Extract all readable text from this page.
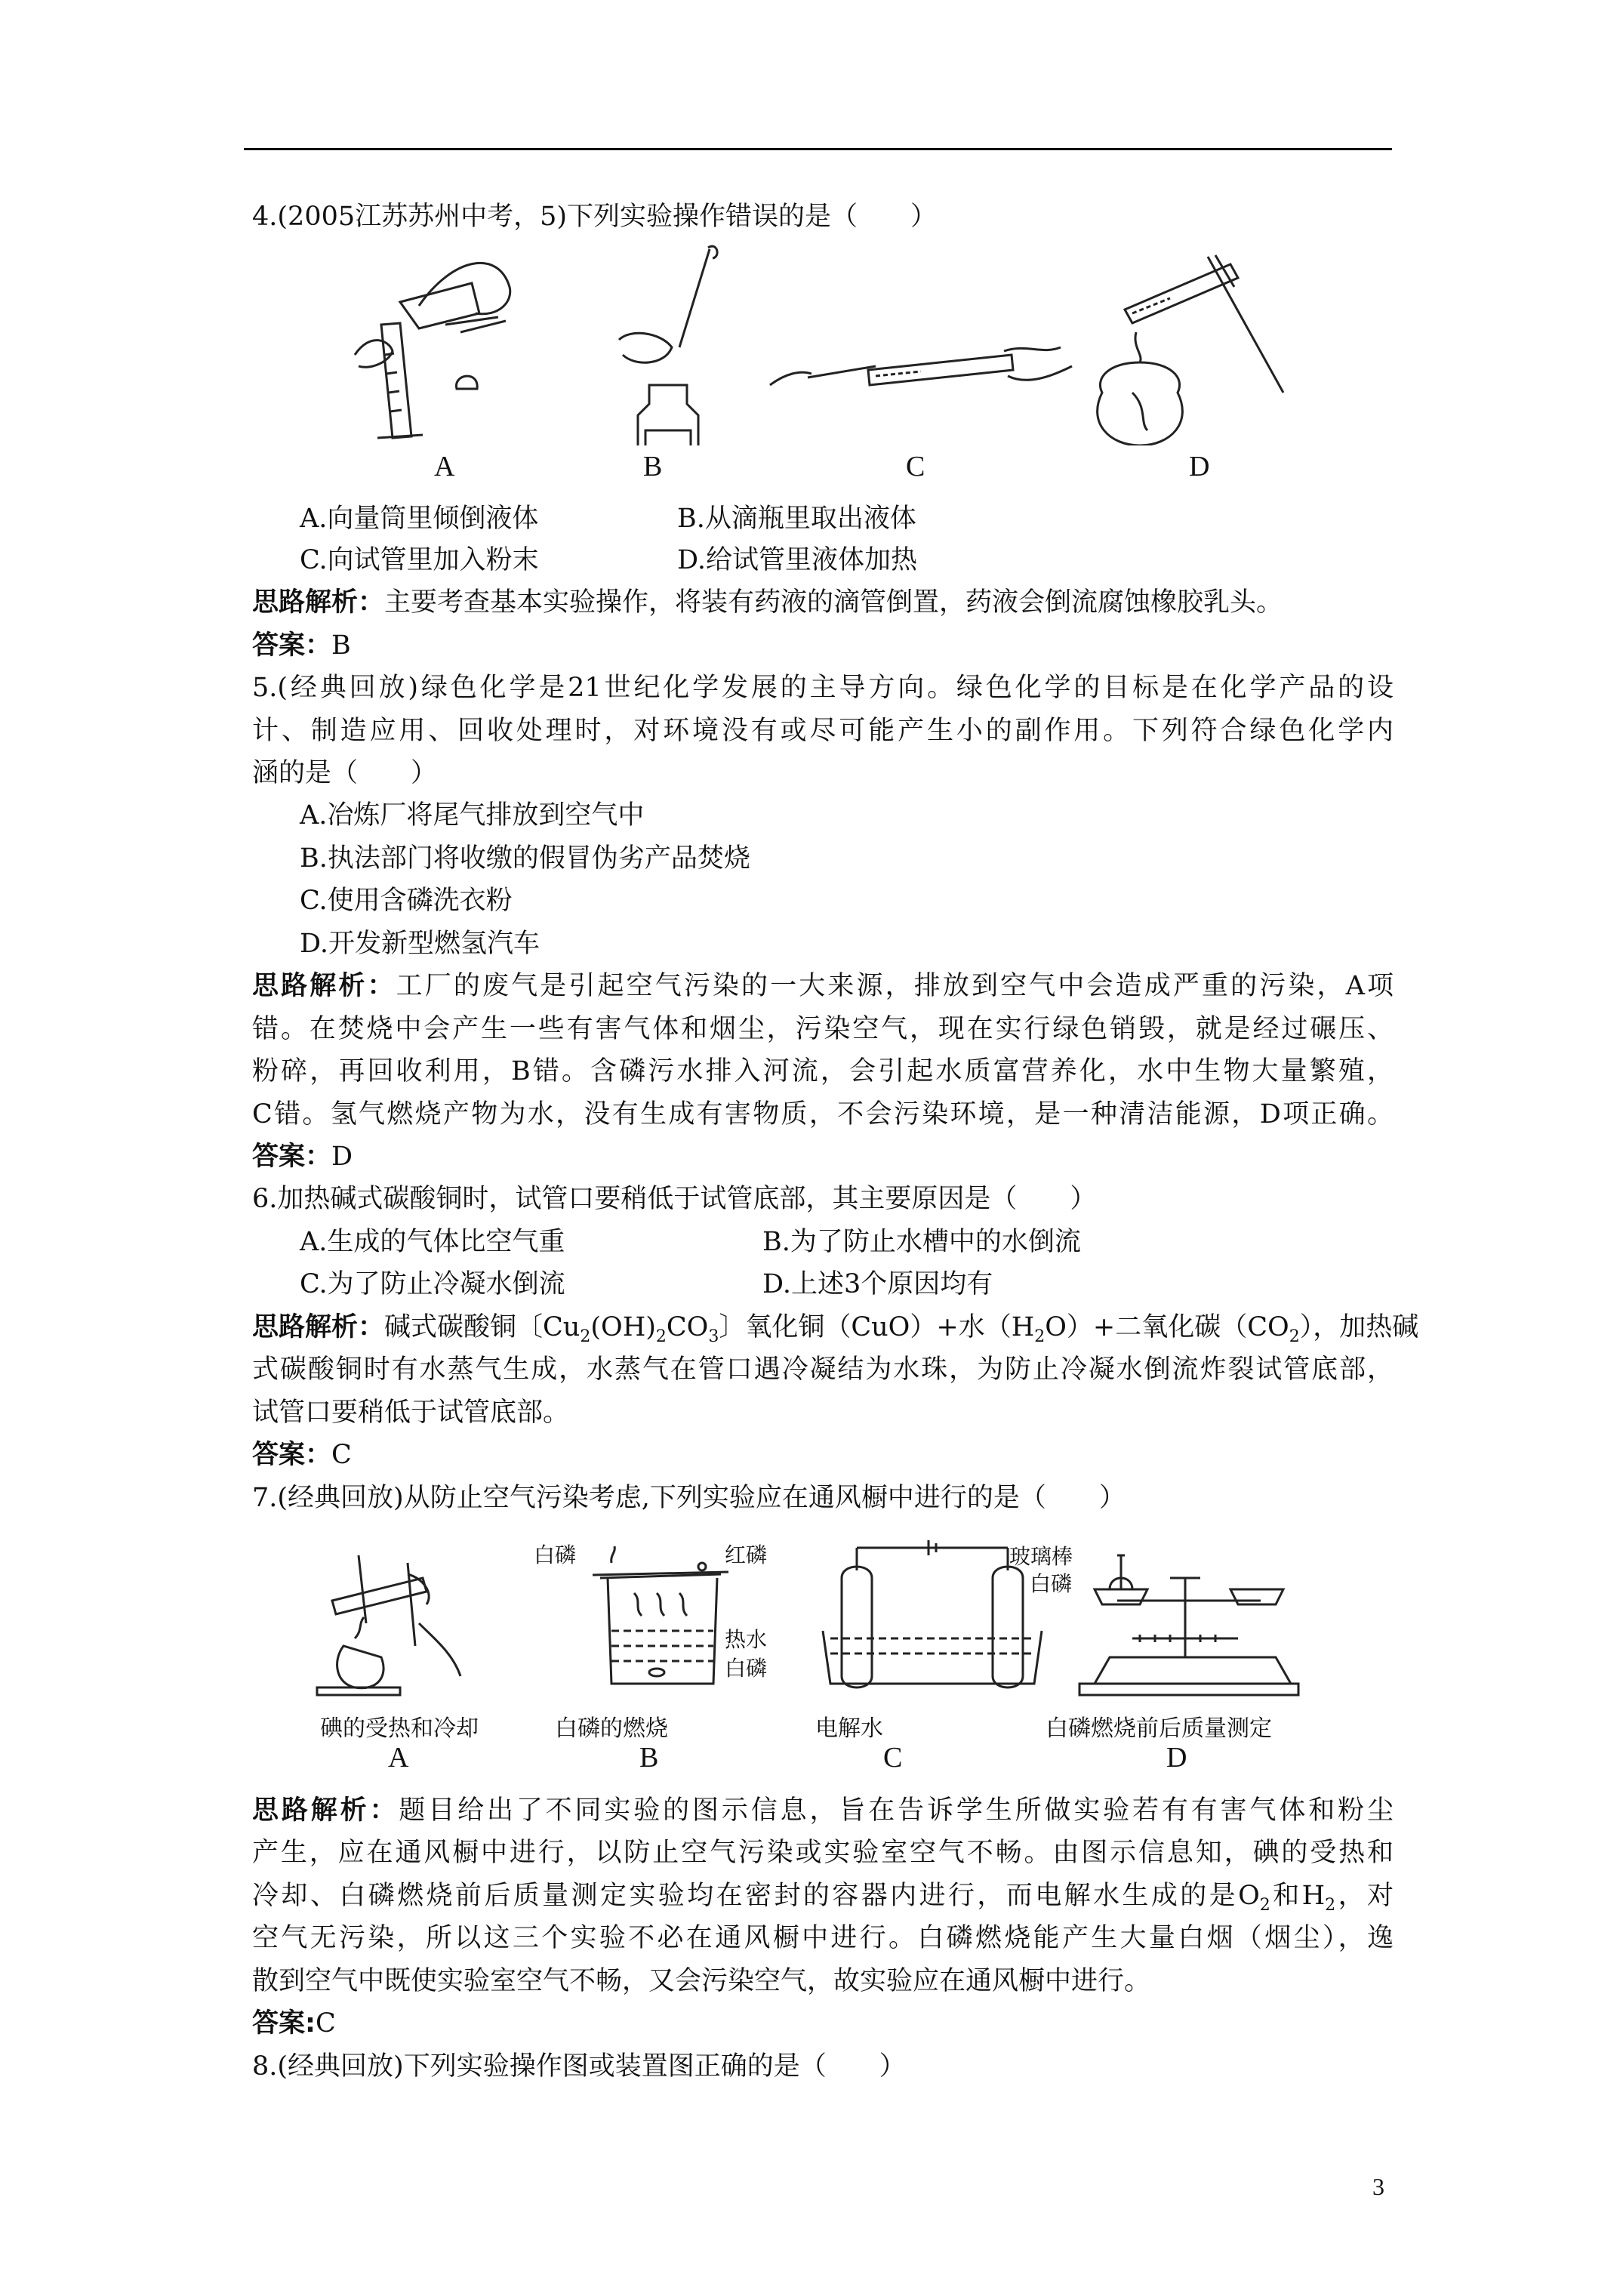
4.(2005江苏苏州中考，5)下列实验操作错误的是（　　）
A	B	C	D
A.向量筒里倾倒液体	B.从滴瓶里取出液体
C.向试管里加入粉末	D.给试管里液体加热
思路解析：主要考查基本实验操作，将装有药液的滴管倒置，药液会倒流腐蚀橡胶乳头。
答案：B
5.(经典回放)绿色化学是21世纪化学发展的主导方向。绿色化学的目标是在化学产品的设
计、制造应用、回收处理时，对环境没有或尽可能产生小的副作用。下列符合绿色化学内
涵的是（　　）
A.冶炼厂将尾气排放到空气中
B.执法部门将收缴的假冒伪劣产品焚烧
C.使用含磷洗衣粉
D.开发新型燃氢汽车
思路解析：工厂的废气是引起空气污染的一大来源，排放到空气中会造成严重的污染，A项
错。在焚烧中会产生一些有害气体和烟尘，污染空气，现在实行绿色销毁，就是经过碾压、
粉碎，再回收利用，B错。含磷污水排入河流，会引起水质富营养化，水中生物大量繁殖，
C错。氢气燃烧产物为水，没有生成有害物质，不会污染环境，是一种清洁能源，D项正确。
答案：D
6.加热碱式碳酸铜时，试管口要稍低于试管底部，其主要原因是（　　）
A.生成的气体比空气重	B.为了防止水槽中的水倒流
C.为了防止冷凝水倒流	D.上述3个原因均有
思路解析：碱式碳酸铜〔$Cu_2(OH)_2CO_3$〕氧化铜（CuO）+水$(H_2O)+$二氧化碳$(CO_2)$，加热碱
式碳酸铜时有水蒸气生成，水蒸气在管口遇冷凝结为水珠，为防止冷凝水倒流炸裂试管底部，
试管口要稍低于试管底部。
答案：C
7.(经典回放)从防止空气污染考虑,下列实验应在通风橱中进行的是（　　）
白磷	红磷
热水
白磷
玻璃棒
白磷
碘的受热和冷却	白磷的燃烧	电解水	白磷燃烧前后质量测定
A	B	C	D
思路解析：题目给出了不同实验的图示信息，旨在告诉学生所做实验若有有害气体和粉尘
产生，应在通风橱中进行，以防止空气污染或实验室空气不畅。由图示信息知，碘的受热和
冷却、白磷燃烧前后质量测定实验均在密封的容器内进行，而电解水生成的是$O_2$和$H_2$，对
空气无污染，所以这三个实验不必在通风橱中进行。白磷燃烧能产生大量白烟（烟尘），逸
散到空气中既使实验室空气不畅，又会污染空气，故实验应在通风橱中进行。
答案:C
8.(经典回放)下列实验操作图或装置图正确的是（　　）
3
